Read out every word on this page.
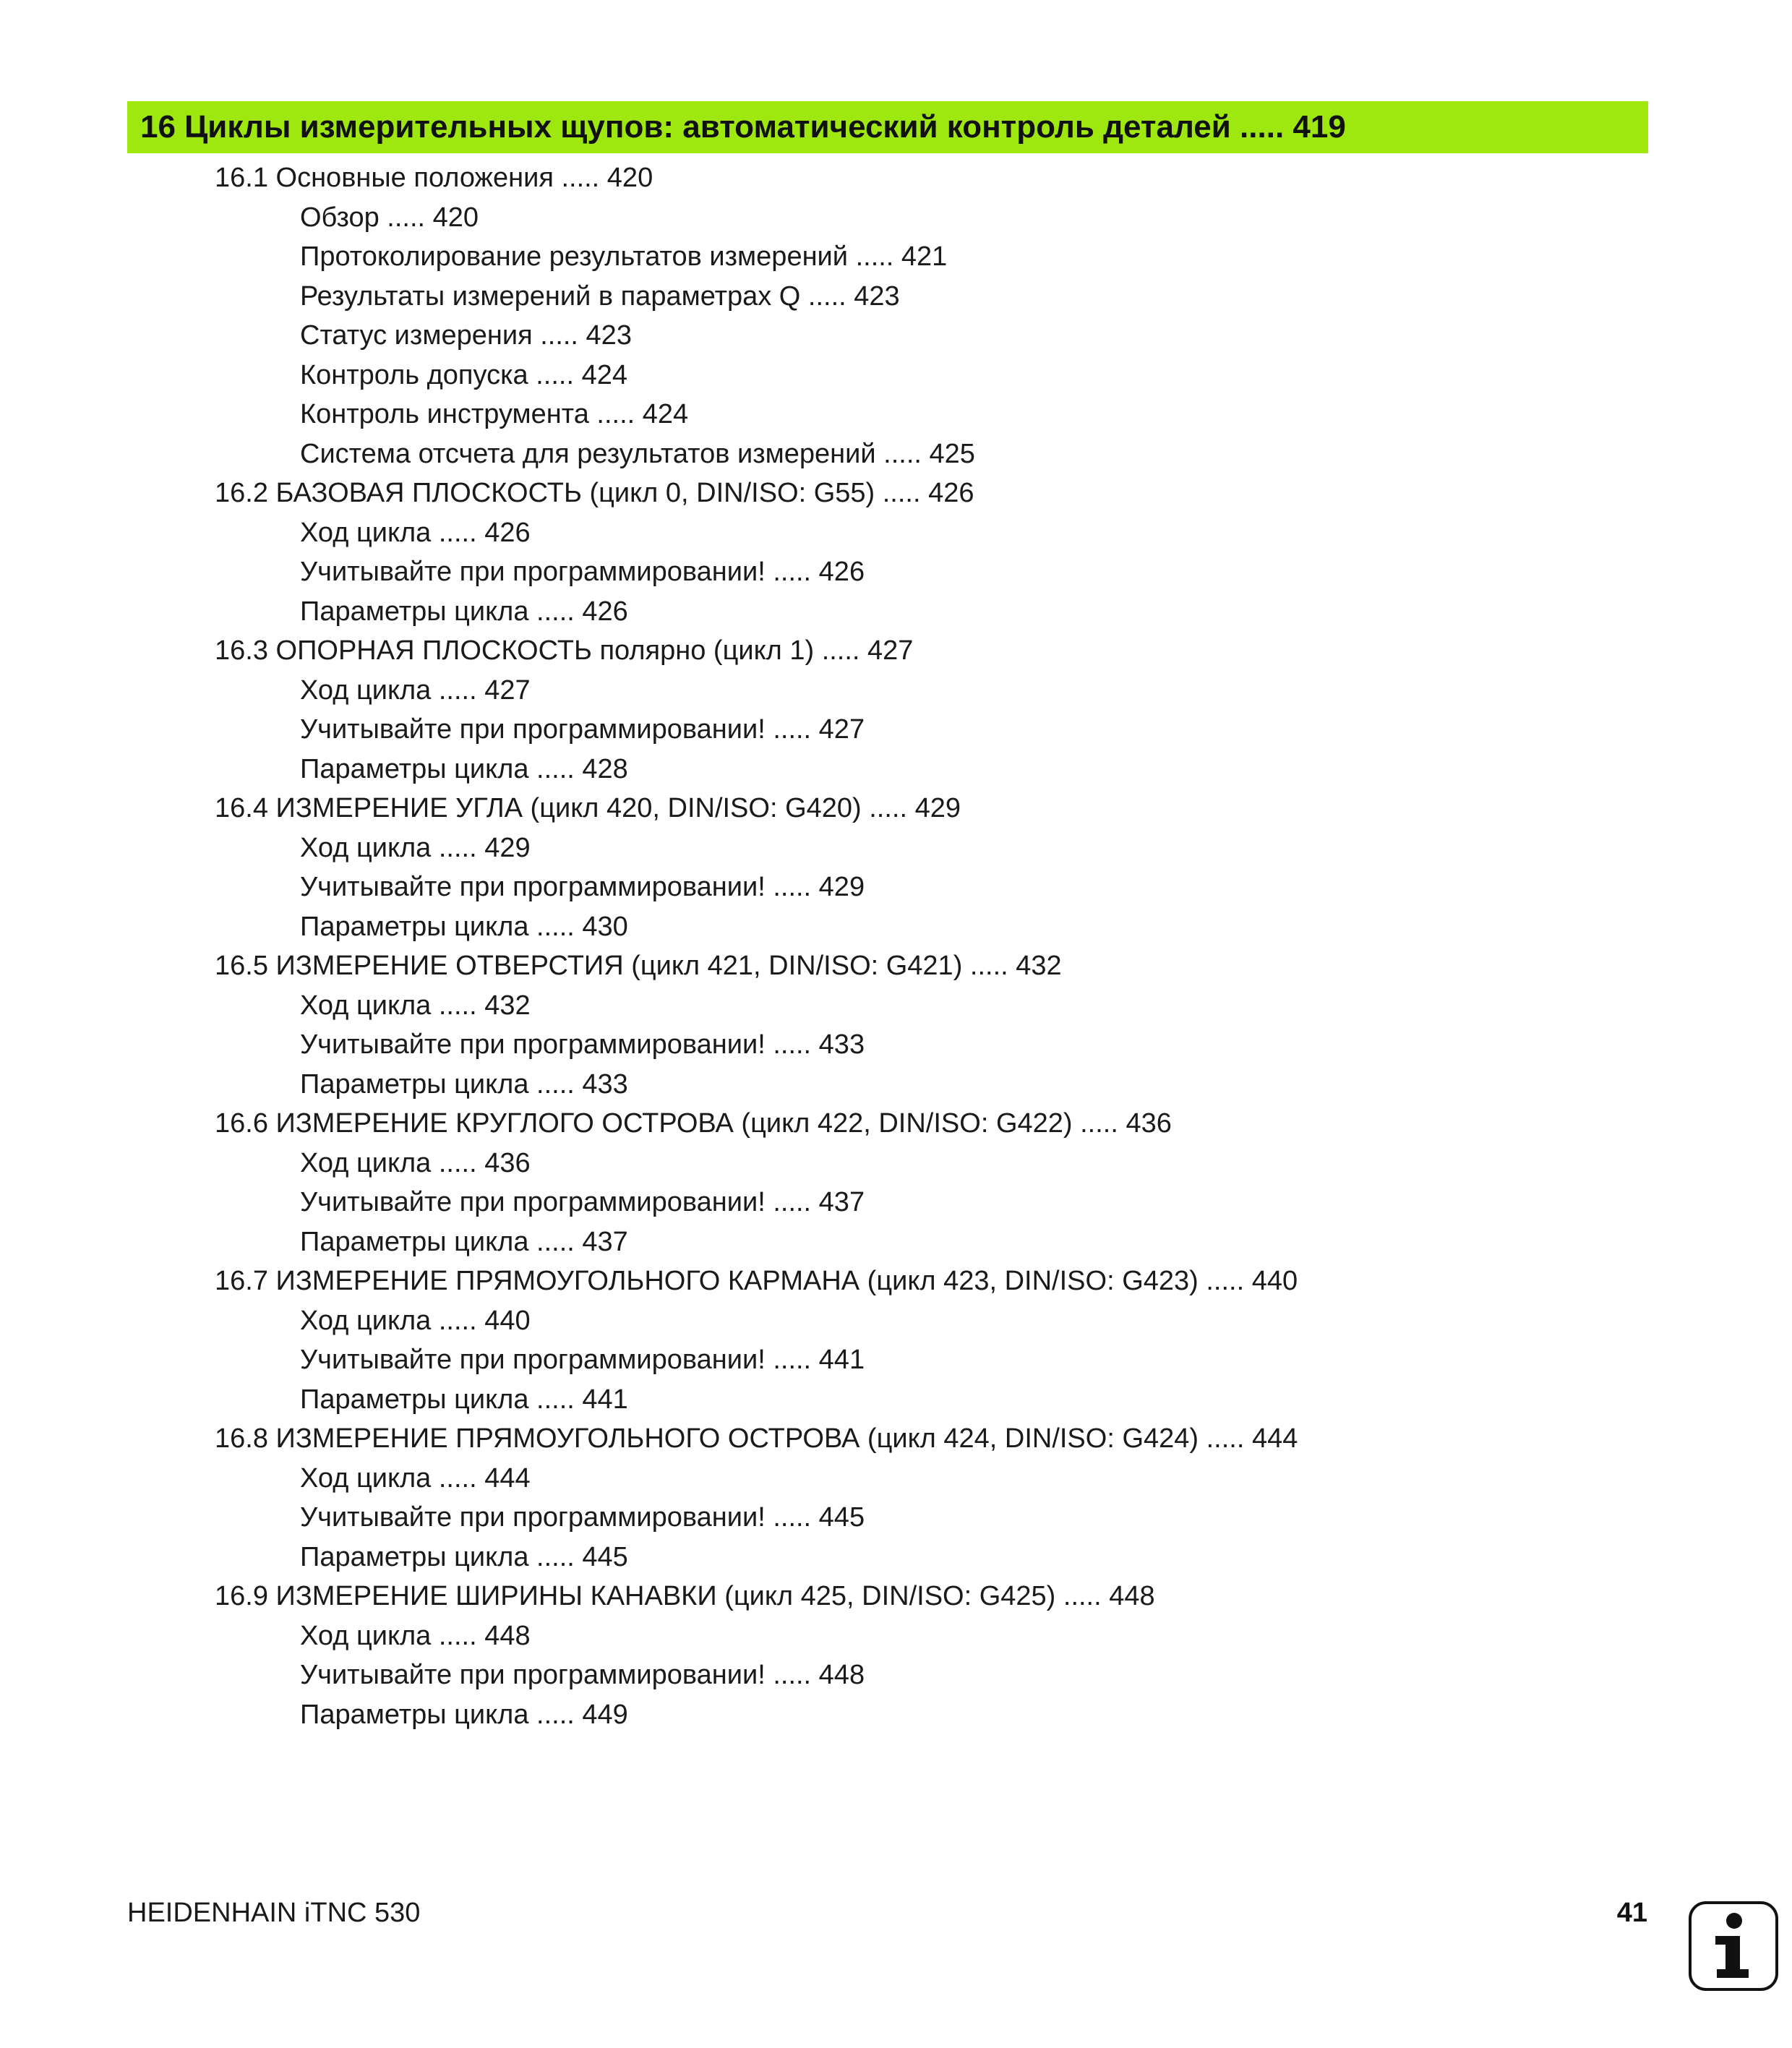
16 Циклы измерительных щупов: автоматический контроль деталей ..... 419
16.1 Основные положения ..... 420
Обзор ..... 420
Протоколирование результатов измерений ..... 421
Результаты измерений в параметрах Q ..... 423
Статус измерения ..... 423
Контроль допуска ..... 424
Контроль инструмента ..... 424
Система отсчета для результатов измерений ..... 425
16.2 БАЗОВАЯ ПЛОСКОСТЬ (цикл 0, DIN/ISO: G55) ..... 426
Ход цикла ..... 426
Учитывайте при программировании! ..... 426
Параметры цикла ..... 426
16.3 ОПОРНАЯ ПЛОСКОСТЬ полярно (цикл 1) ..... 427
Ход цикла ..... 427
Учитывайте при программировании! ..... 427
Параметры цикла ..... 428
16.4 ИЗМЕРЕНИЕ УГЛА (цикл 420, DIN/ISO: G420) ..... 429
Ход цикла ..... 429
Учитывайте при программировании! ..... 429
Параметры цикла ..... 430
16.5 ИЗМЕРЕНИЕ ОТВЕРСТИЯ (цикл 421, DIN/ISO: G421) ..... 432
Ход цикла ..... 432
Учитывайте при программировании! ..... 433
Параметры цикла ..... 433
16.6 ИЗМЕРЕНИЕ КРУГЛОГО ОСТРОВА (цикл 422, DIN/ISO: G422) ..... 436
Ход цикла ..... 436
Учитывайте при программировании! ..... 437
Параметры цикла ..... 437
16.7 ИЗМЕРЕНИЕ ПРЯМОУГОЛЬНОГО КАРМАНА (цикл 423, DIN/ISO: G423) ..... 440
Ход цикла ..... 440
Учитывайте при программировании! ..... 441
Параметры цикла ..... 441
16.8 ИЗМЕРЕНИЕ ПРЯМОУГОЛЬНОГО ОСТРОВА (цикл 424, DIN/ISO: G424) ..... 444
Ход цикла ..... 444
Учитывайте при программировании! ..... 445
Параметры цикла ..... 445
16.9 ИЗМЕРЕНИЕ ШИРИНЫ КАНАВКИ (цикл 425, DIN/ISO: G425) ..... 448
Ход цикла ..... 448
Учитывайте при программировании! ..... 448
Параметры цикла ..... 449
HEIDENHAIN iTNC 530	41
